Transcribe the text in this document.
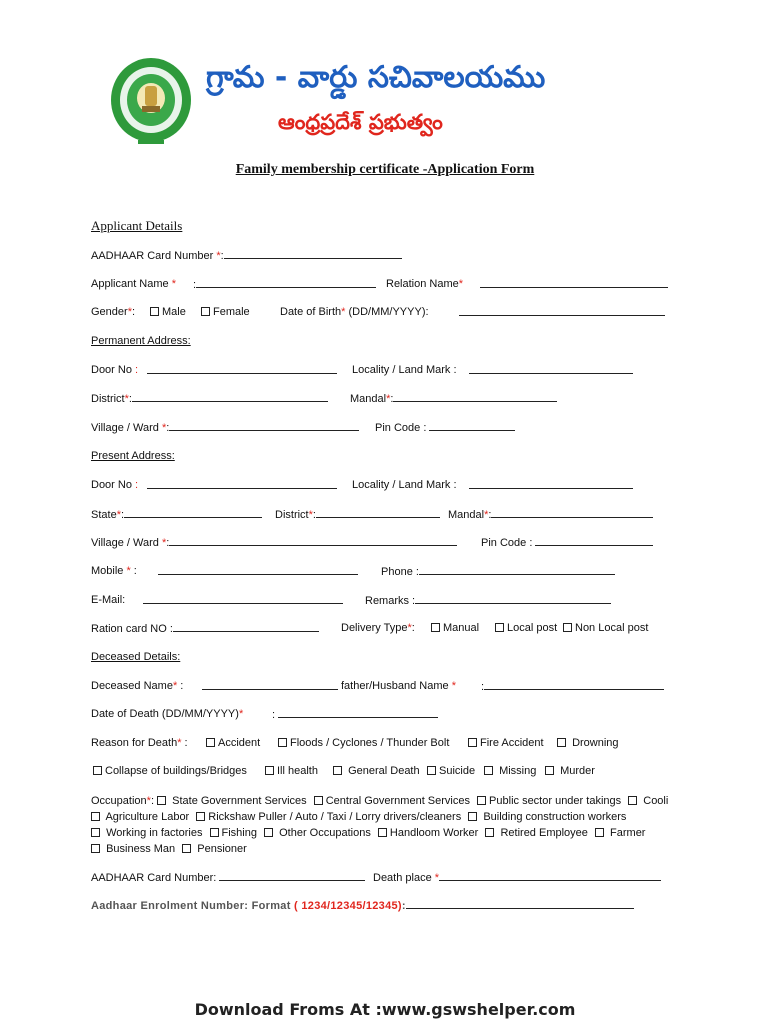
గ్రామ - వార్డు సచివాలయము
ఆంధ్రప్రదేశ్ ప్రభుత్వం
Family membership certificate -Application Form
Applicant Details
AADHAAR Card Number *:
Applicant Name * :	Relation Name*
Gender*:	Male	Female	Date of Birth* (DD/MM/YYYY):
Permanent Address:
Door No :	Locality / Land Mark :
District*:	Mandal*:
Village / Ward *:	Pin Code :
Present Address:
Door No :	Locality / Land Mark :
State*:	District*:	Mandal*:
Village / Ward *:	Pin Code :
Mobile * :	Phone :
E-Mail:	Remarks :
Ration card NO :	Delivery Type*:	Manual	Local post	Non Local post
Deceased Details:
Deceased Name* :	father/Husband Name * :
Date of Death (DD/MM/YYYY)*	:
Reason for Death* :	Accident	Floods / Cyclones / Thunder Bolt	Fire Accident	Drowning
Collapse of buildings/Bridges	Ill health	General Death	Suicide	Missing	Murder
Occupation*:  State Government Services Central Government Services Public sector under takings Cooli  Agriculture Labor Rickshaw Puller / Auto / Taxi / Lorry drivers/cleaners Building construction workers  Working in factories Fishing Other Occupations Handloom Worker Retired Employee Farmer  Business Man Pensioner
AADHAAR Card Number:	Death place *
Aadhaar Enrolment Number: Format ( 1234/12345/12345):
Download Froms At :www.gswshelper.com
